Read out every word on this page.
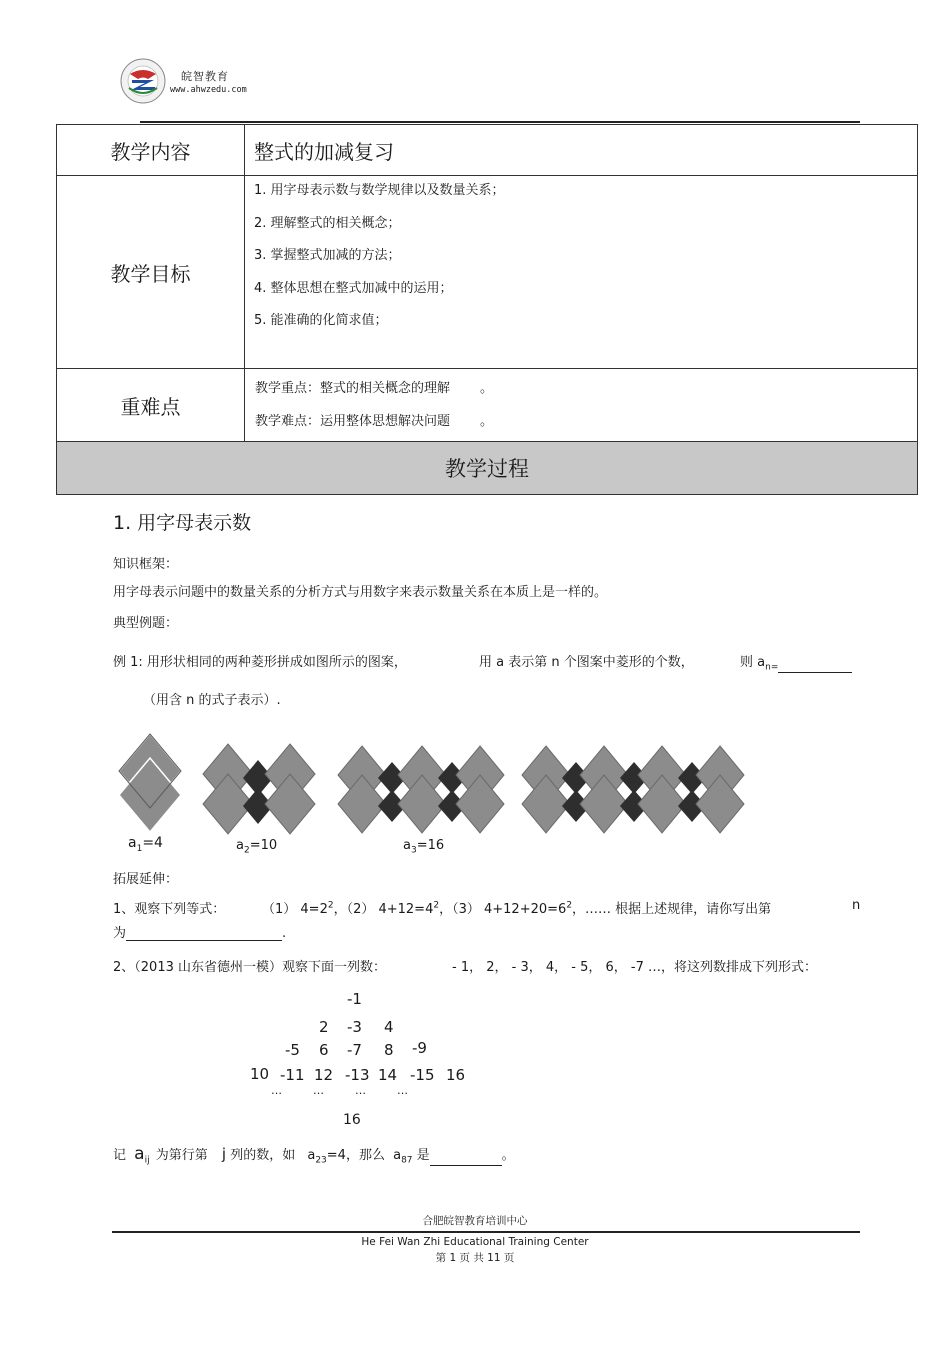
皖智教育
www.ahwzedu.com
教学内容	整式的加减复习
教学目标	1. 用字母表示数与数学规律以及数量关系；
2. 理解整式的相关概念；
3. 掌握整式加减的方法；
4. 整体思想在整式加减中的运用；
5. 能准确的化简求值；

重难点	教学重点：整式的相关概念的理解 。
教学难点：运用整体思想解决问题 。

教学过程	
1. 用字母表示数
知识框架：
用字母表示问题中的数量关系的分析方式与用数字来表示数量关系在本质上是一样的。
典型例题：
例 1: 用形状相同的两种菱形拼成如图所示的图案，	用 a 表示第 n 个图案中菱形的个数，	则 $a_{n=}$
（用含 n 的式子表示）.
$a_1=4$	$a_2=10$	$a_3=16$
拓展延伸：
1、观察下列等式：	（1） $4=2^2$，（2） $4+12=4^2$，（3） $4+12+20=6^2$，…… 根据上述规律，请你写出第	n
为	.
2、（2013 山东省德州一模）观察下面一列数：	- 1， 2， - 3， 4， - 5， 6， -7 …，将这列数排成下列形式：
-1
2 -3 4
-5 6 -7 8 -9
10 -11 12 -13 14 -15 16
…	…	…	…
16
记 $a_{ij}$ 为第行第 j 列的数，如 $a_{23}=4$，那么 $a_{87}$ 是	。
合肥皖智教育培训中心
He Fei Wan Zhi Educational Training Center
第 1 页 共 11 页
